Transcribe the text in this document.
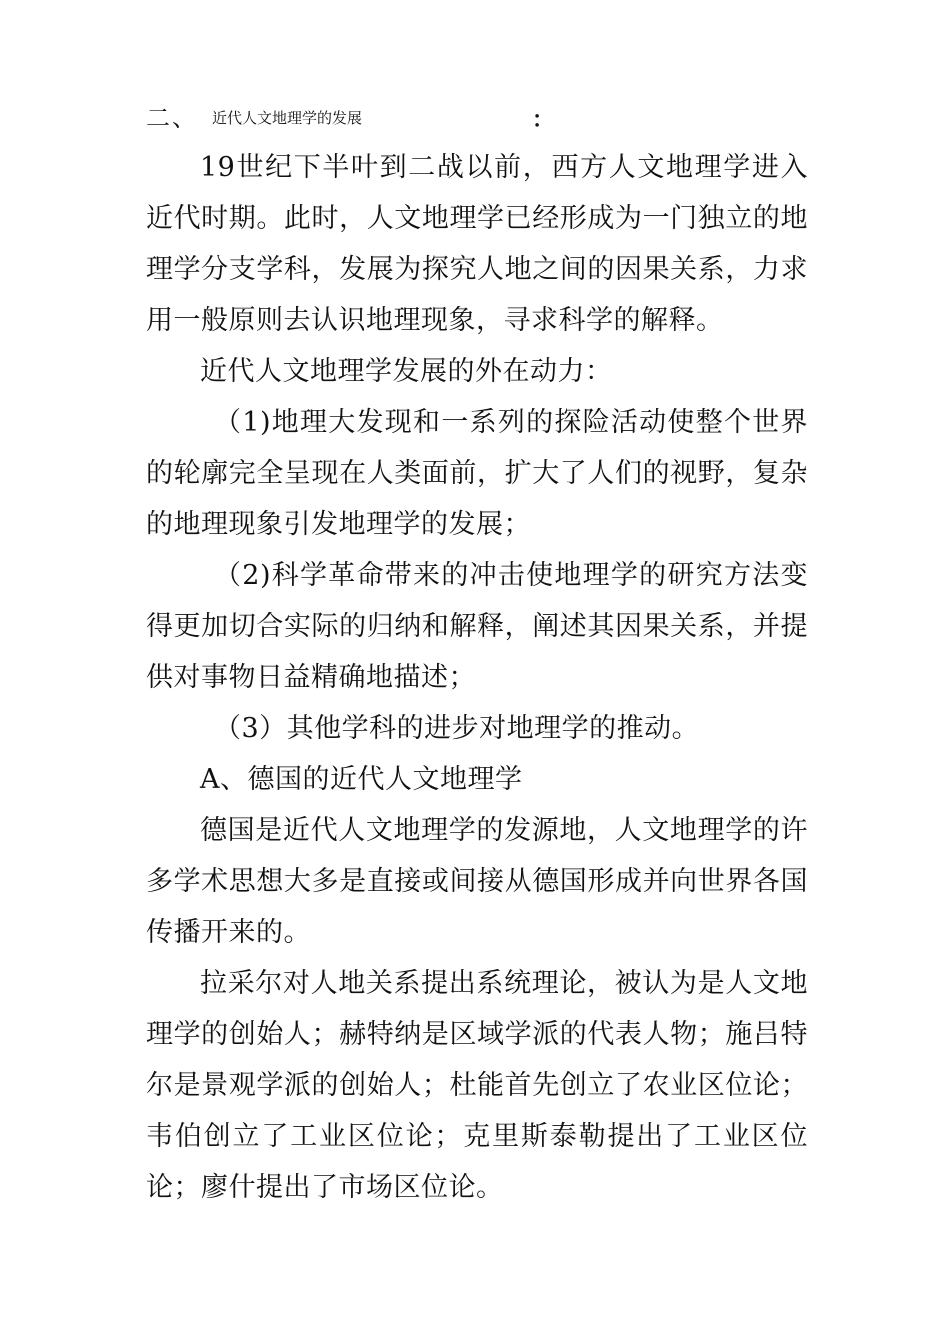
二、 近代人文地理学的发展	：

19世纪下半叶到二战以前，西方人文地理学进入近代时期。此时，人文地理学已经形成为一门独立的地理学分支学科，发展为探究人地之间的因果关系，力求用一般原则去认识地理现象，寻求科学的解释。

近代人文地理学发展的外在动力：

（1)地理大发现和一系列的探险活动使整个世界的轮廓完全呈现在人类面前，扩大了人们的视野，复杂的地理现象引发地理学的发展；

（2)科学革命带来的冲击使地理学的研究方法变得更加切合实际的归纳和解释，阐述其因果关系，并提供对事物日益精确地描述；

（3）其他学科的进步对地理学的推动。

A、德国的近代人文地理学

德国是近代人文地理学的发源地，人文地理学的许多学术思想大多是直接或间接从德国形成并向世界各国传播开来的。

拉采尔对人地关系提出系统理论，被认为是人文地理学的创始人；赫特纳是区域学派的代表人物；施吕特尔是景观学派的创始人；杜能首先创立了农业区位论；韦伯创立了工业区位论；克里斯泰勒提出了工业区位论；廖什提出了市场区位论。
